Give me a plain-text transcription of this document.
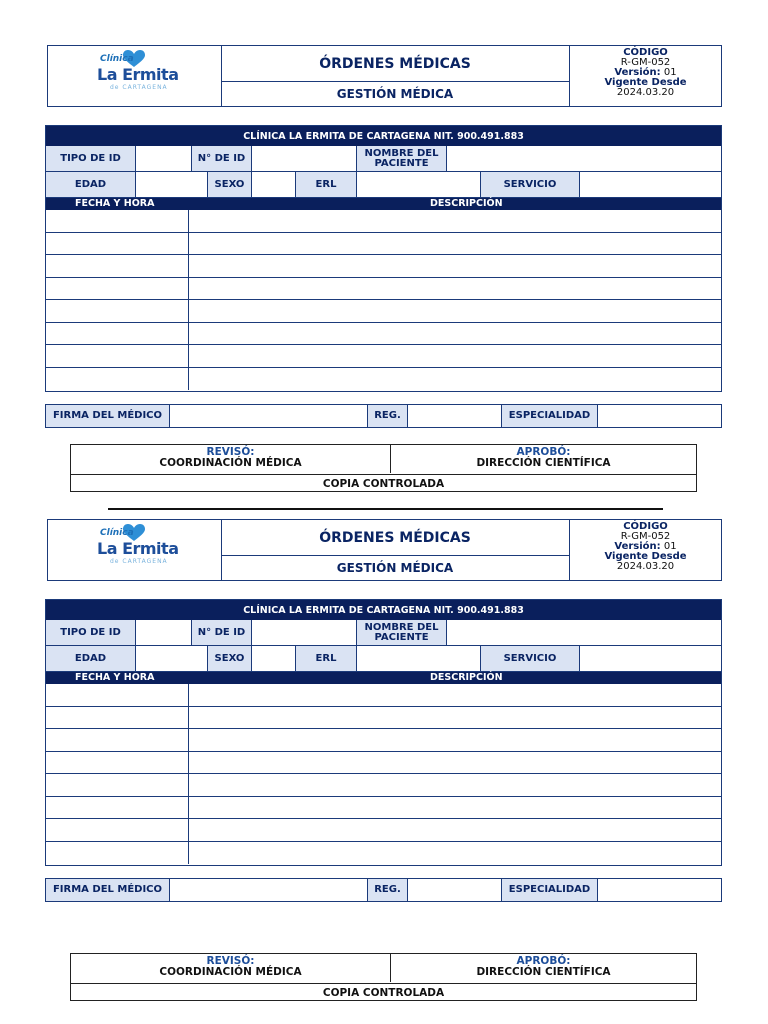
Clínica
La Ermita
de CARTAGENA
ÓRDENES MÉDICAS
GESTIÓN MÉDICA
CÓDIGO
R-GM-052
Versión: 01
Vigente Desde
2024.03.20
CLÍNICA LA ERMITA DE CARTAGENA NIT. 900.491.883
TIPO DE ID	N° DE ID	NOMBRE DEL PACIENTE
EDAD	SEXO	ERL	SERVICIO
FECHA Y HORA	DESCRIPCIÓN
FIRMA DEL MÉDICO	REG.	ESPECIALIDAD
REVISÓ:
COORDINACIÓN MÉDICA
APROBÓ:
DIRECCIÓN CIENTÍFICA
COPIA CONTROLADA
Clínica
La Ermita
de CARTAGENA
ÓRDENES MÉDICAS
GESTIÓN MÉDICA
CÓDIGO
R-GM-052
Versión: 01
Vigente Desde
2024.03.20
CLÍNICA LA ERMITA DE CARTAGENA NIT. 900.491.883
TIPO DE ID	N° DE ID	NOMBRE DEL PACIENTE
EDAD	SEXO	ERL	SERVICIO
FECHA Y HORA	DESCRIPCIÓN
FIRMA DEL MÉDICO	REG.	ESPECIALIDAD
REVISÓ:
COORDINACIÓN MÉDICA
APROBÓ:
DIRECCIÓN CIENTÍFICA
COPIA CONTROLADA
